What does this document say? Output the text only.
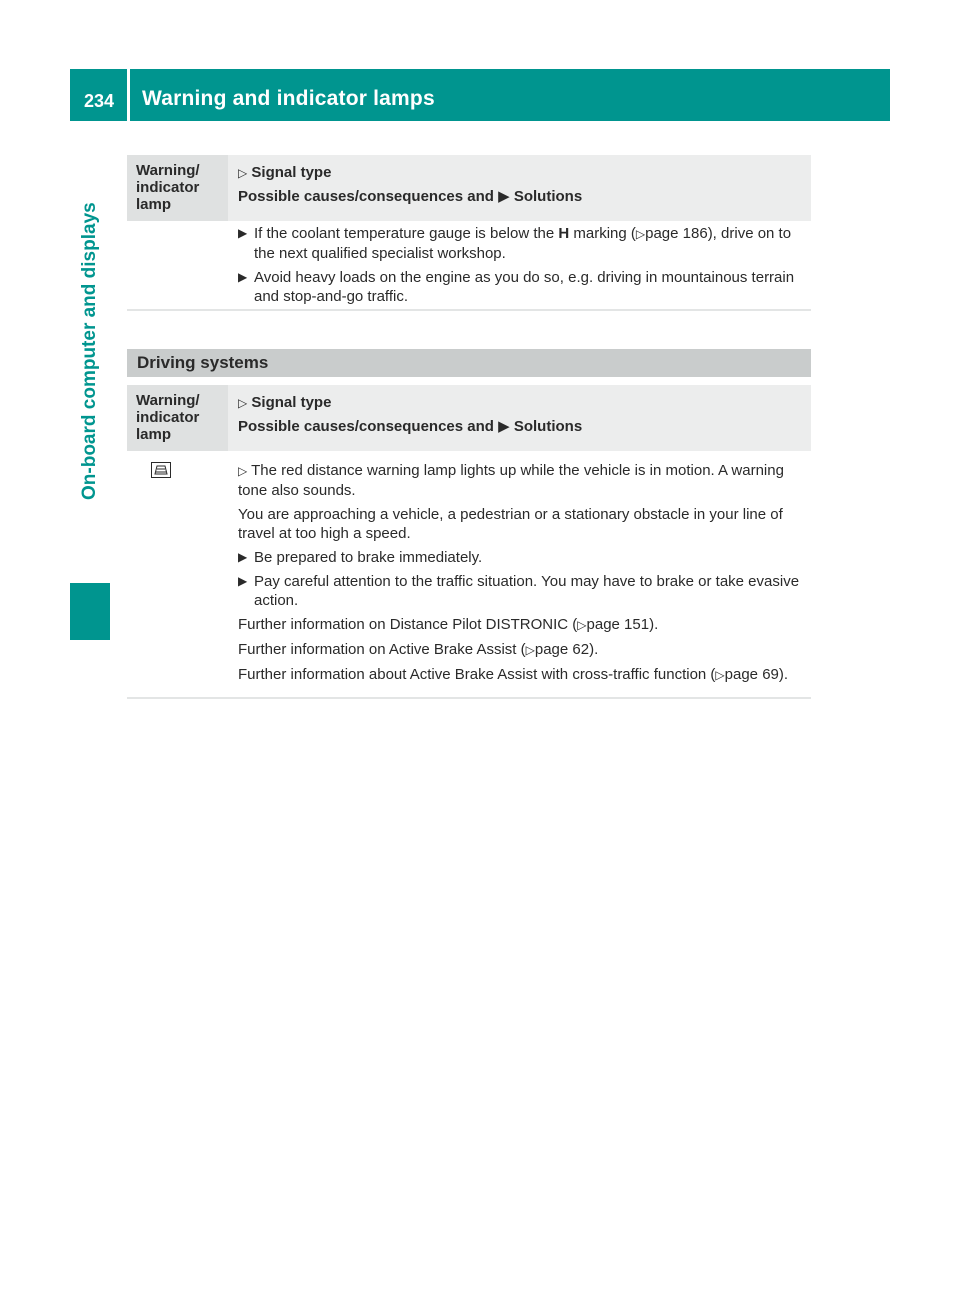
234 Warning and indicator lamps
On-board computer and displays
Warning/ indicator lamp
▷ Signal type
Possible causes/consequences and ▶ Solutions
▶ If the coolant temperature gauge is below the H marking (▷page 186), drive on to the next qualified specialist workshop.
▶ Avoid heavy loads on the engine as you do so, e.g. driving in mountainous terrain and stop-and-go traffic.
Driving systems
Warning/ indicator lamp
▷ Signal type
Possible causes/consequences and ▶ Solutions
▷ The red distance warning lamp lights up while the vehicle is in motion. A warning tone also sounds.
You are approaching a vehicle, a pedestrian or a stationary obstacle in your line of travel at too high a speed.
▶ Be prepared to brake immediately.
▶ Pay careful attention to the traffic situation. You may have to brake or take evasive action.
Further information on Distance Pilot DISTRONIC (▷page 151).
Further information on Active Brake Assist (▷page 62).
Further information about Active Brake Assist with cross-traffic function (▷page 69).
